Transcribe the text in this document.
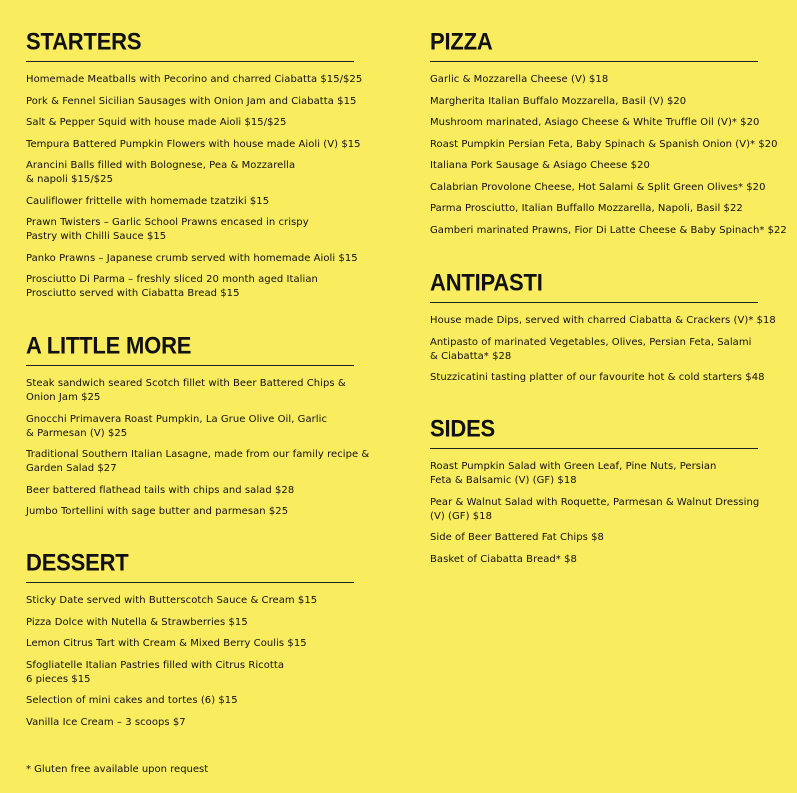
STARTERS

Homemade Meatballs with Pecorino and charred Ciabatta $15/$25

Pork & Fennel Sicilian Sausages with Onion Jam and Ciabatta $15

Salt & Pepper Squid with house made Aioli $15/$25

Tempura Battered Pumpkin Flowers with house made Aioli (V) $15

Arancini Balls filled with Bolognese, Pea & Mozzarella & napoli $15/$25

Cauliflower frittelle with homemade tzatziki $15

Prawn Twisters – Garlic School Prawns encased in crispy Pastry with Chilli Sauce $15

Panko Prawns – Japanese crumb served with homemade Aioli $15

Prosciutto Di Parma – freshly sliced 20 month aged Italian Prosciutto served with Ciabatta Bread $15

A LITTLE MORE

Steak sandwich seared Scotch fillet with Beer Battered Chips & Onion Jam $25

Gnocchi Primavera Roast Pumpkin, La Grue Olive Oil, Garlic & Parmesan (V) $25

Traditional Southern Italian Lasagne, made from our family recipe & Garden Salad $27

Beer battered flathead tails with chips and salad $28

Jumbo Tortellini with sage butter and parmesan $25

DESSERT

Sticky Date served with Butterscotch Sauce & Cream $15

Pizza Dolce with Nutella & Strawberries $15

Lemon Citrus Tart with Cream & Mixed Berry Coulis $15

Sfogliatelle Italian Pastries filled with Citrus Ricotta 6 pieces $15

Selection of mini cakes and tortes (6) $15

Vanilla Ice Cream – 3 scoops $7

PIZZA

Garlic & Mozzarella Cheese (V) $18

Margherita Italian Buffalo Mozzarella, Basil (V) $20

Mushroom marinated, Asiago Cheese & White Truffle Oil (V)* $20

Roast Pumpkin Persian Feta, Baby Spinach & Spanish Onion (V)* $20

Italiana Pork Sausage & Asiago Cheese $20

Calabrian Provolone Cheese, Hot Salami & Split Green Olives* $20

Parma Prosciutto, Italian Buffallo Mozzarella, Napoli, Basil $22

Gamberi marinated Prawns, Fior Di Latte Cheese & Baby Spinach* $22

ANTIPASTI

House made Dips, served with charred Ciabatta & Crackers (V)* $18

Antipasto of marinated Vegetables, Olives, Persian Feta, Salami & Ciabatta* $28

Stuzzicatini tasting platter of our favourite hot & cold starters $48

SIDES

Roast Pumpkin Salad with Green Leaf, Pine Nuts, Persian Feta & Balsamic (V) (GF) $18

Pear & Walnut Salad with Roquette, Parmesan & Walnut Dressing (V) (GF) $18

Side of Beer Battered Fat Chips $8

Basket of Ciabatta Bread* $8

* Gluten free available upon request
